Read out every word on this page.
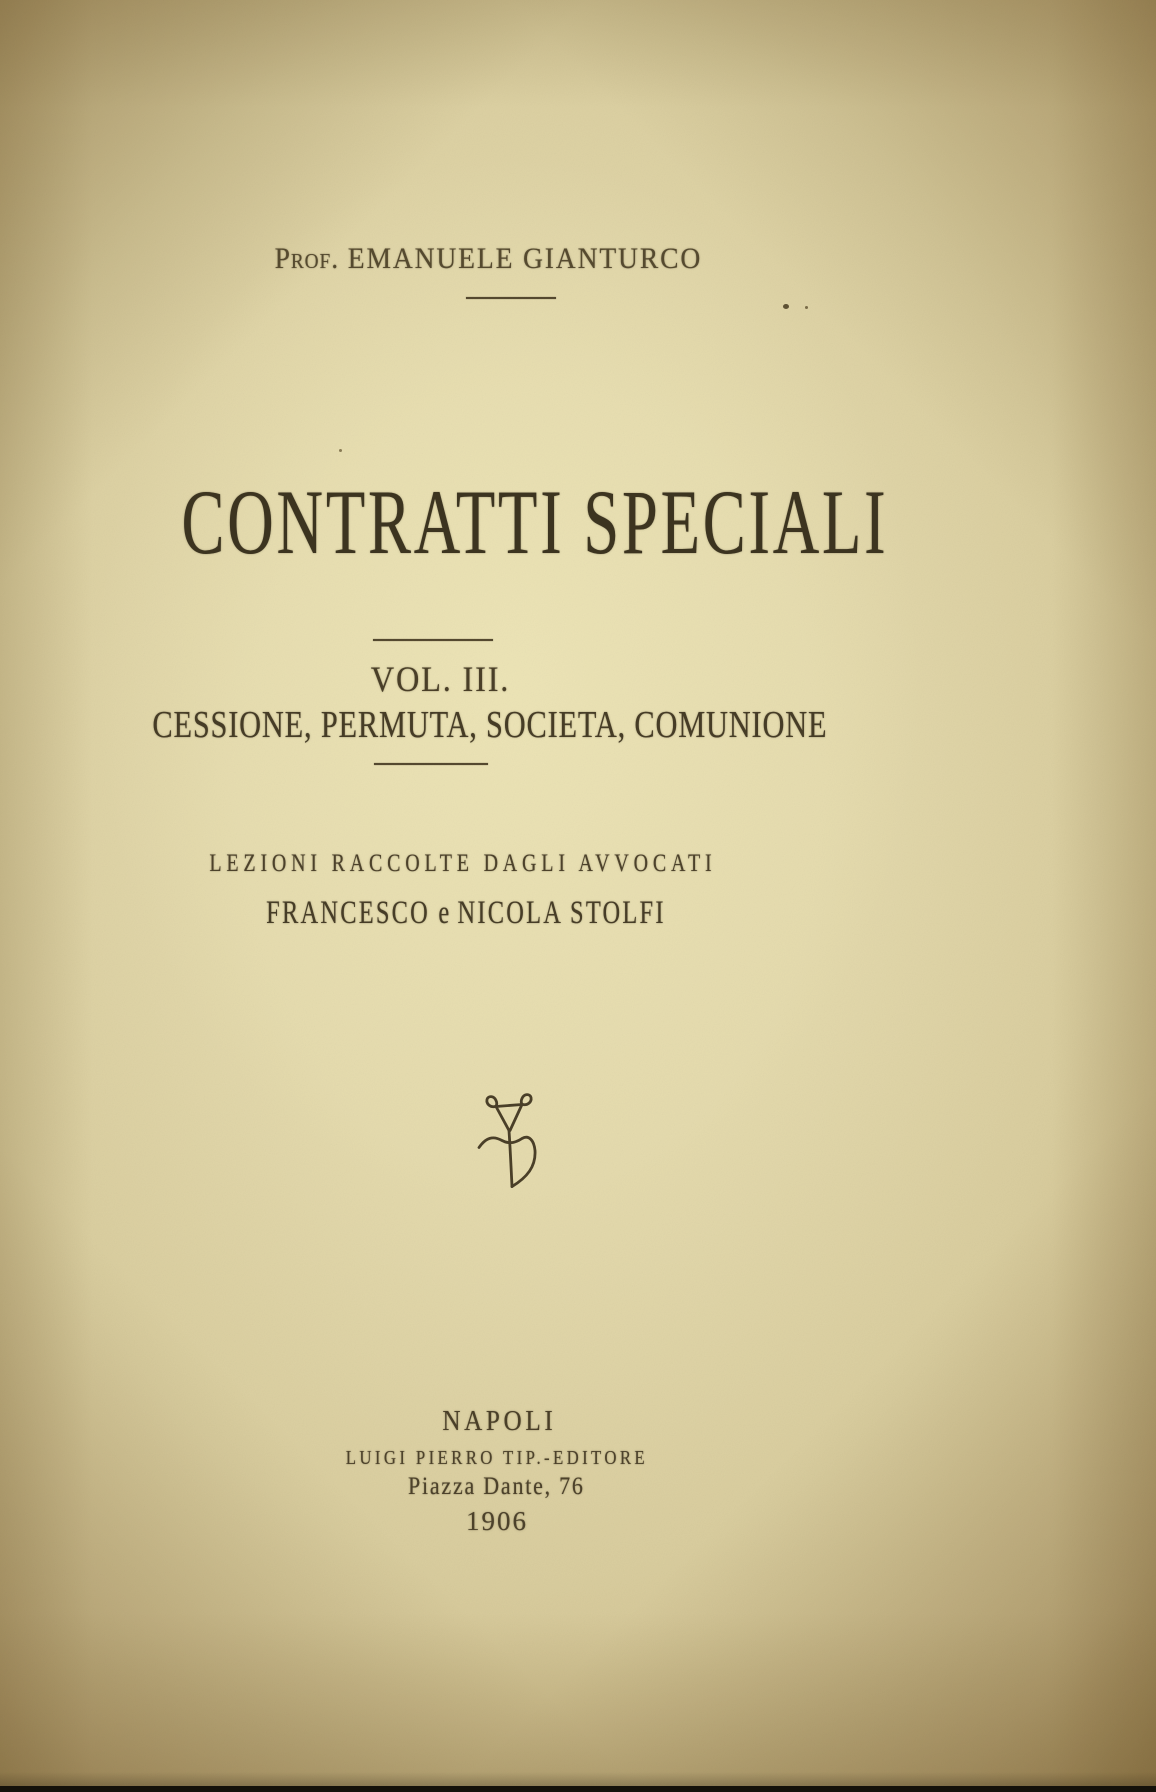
Prof. EMANUELE GIANTURCO
CONTRATTI SPECIALI
VOL. III.
CESSIONE, PERMUTA, SOCIETA, COMUNIONE
LEZIONI RACCOLTE DAGLI AVVOCATI
FRANCESCO e NICOLA STOLFI
NAPOLI
LUIGI PIERRO TIP.-EDITORE
Piazza Dante, 76
1906
